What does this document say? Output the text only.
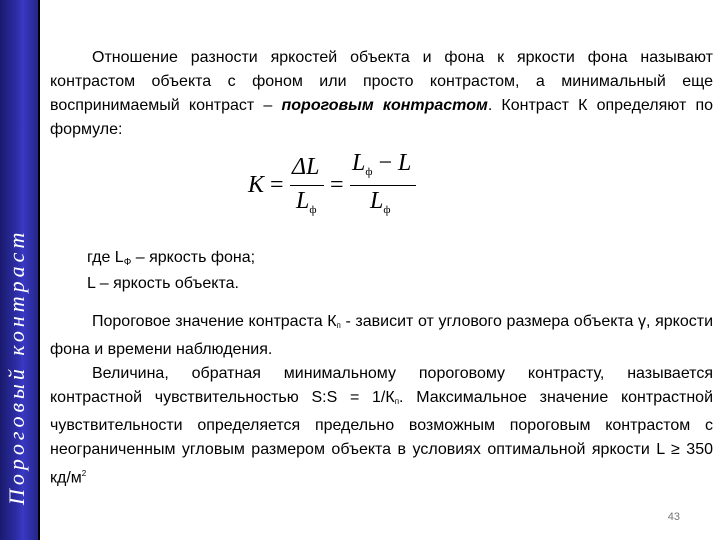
Пороговый контраст

Отношение разности яркостей объекта и фона к яркости фона называют контрастом объекта с фоном или просто контрастом, а минимальный еще воспринимаемый контраст – пороговым контрастом. Контраст К определяют по формуле:

K =
ΔL
$L_ф$
=
$L_ф - L$
$L_ф$
где $L_Ф$ – яркость фона;
L – яркость объекта.

Пороговое значение контраста Кп - зависит от углового размера объекта γ, яркости фона и времени наблюдения.

Величина, обратная минимальному пороговому контрасту, называется контрастной чувствительностью S:S = 1/Кп. Максимальное значение контрастной чувствительности определяется предельно возможным пороговым контрастом с неограниченным угловым размером объекта в условиях оптимальной яркости L ≥ 350 $кд/м^2$

43
